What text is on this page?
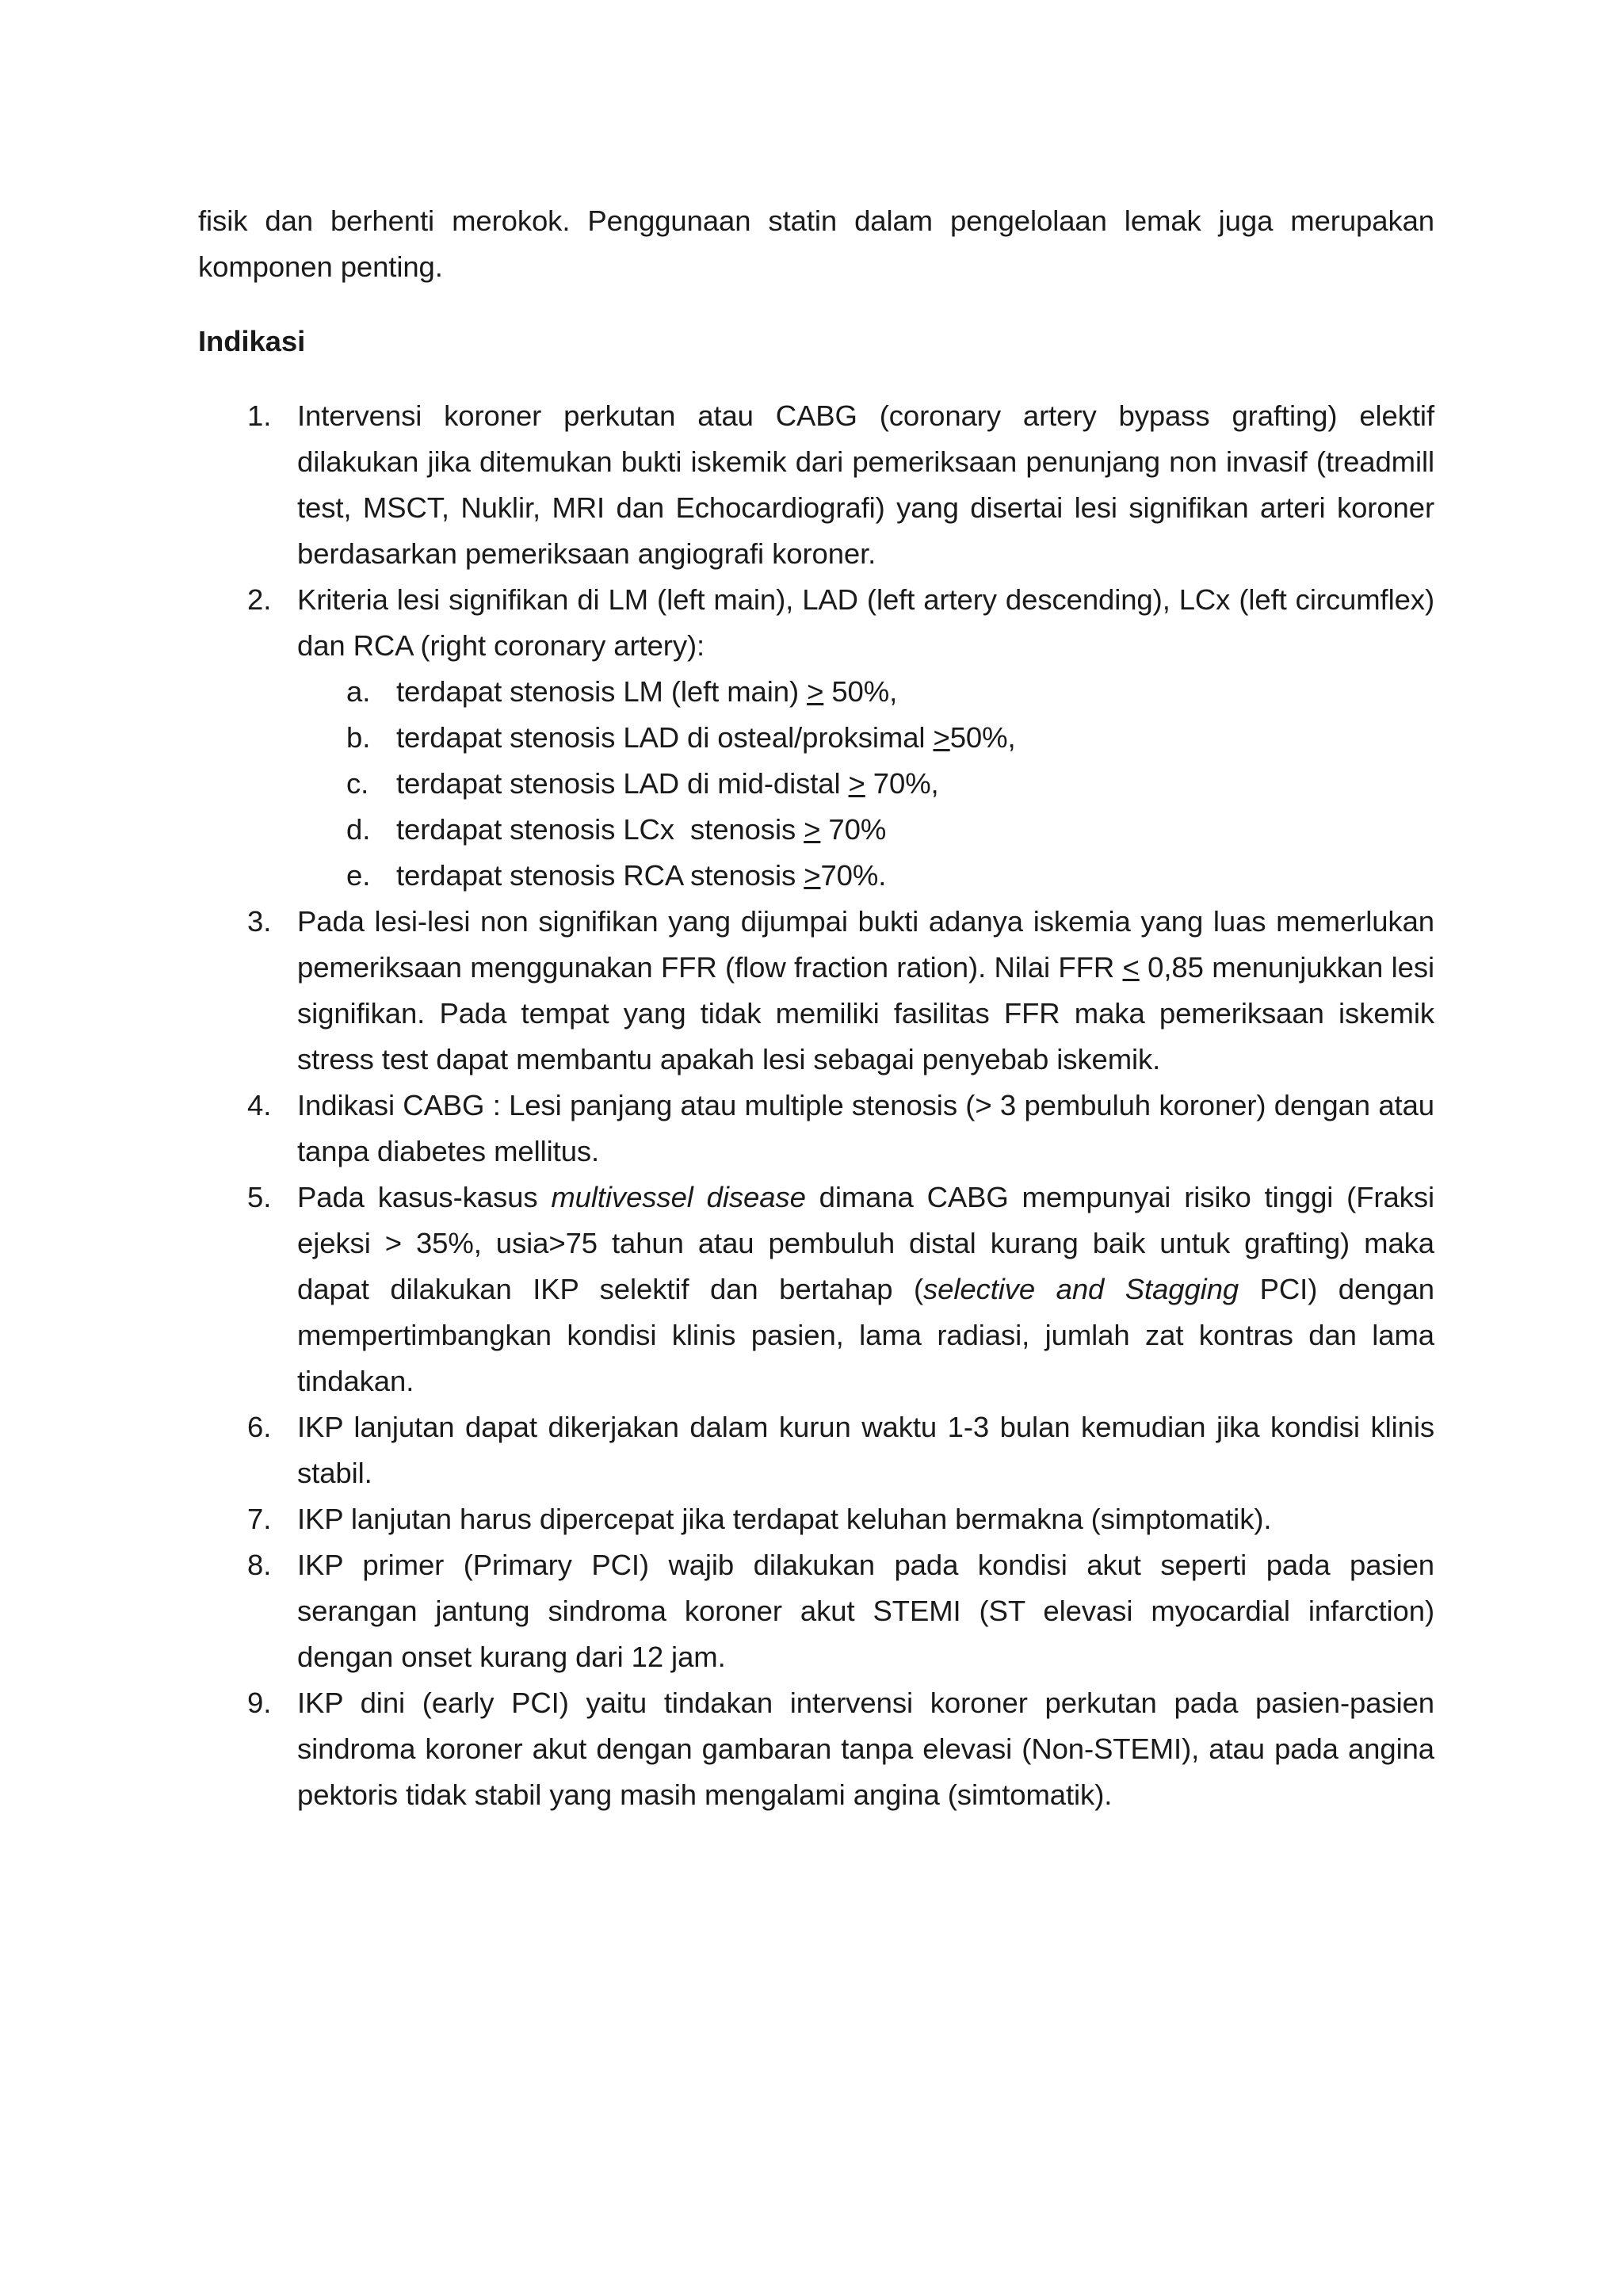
fisik dan berhenti merokok. Penggunaan statin dalam pengelolaan lemak juga merupakan komponen penting.

Indikasi

1. Intervensi koroner perkutan atau CABG (coronary artery bypass grafting) elektif dilakukan jika ditemukan bukti iskemik dari pemeriksaan penunjang non invasif (treadmill test, MSCT, Nuklir, MRI dan Echocardiografi) yang disertai lesi signifikan arteri koroner berdasarkan pemeriksaan angiografi koroner.

2. Kriteria lesi signifikan di LM (left main), LAD (left artery descending), LCx (left circumflex) dan RCA (right coronary artery):

a. terdapat stenosis LM (left main) ≥ 50%,
b. terdapat stenosis LAD di osteal/proksimal ≥50%,
c. terdapat stenosis LAD di mid-distal ≥ 70%,
d. terdapat stenosis LCx  stenosis ≥ 70%
e. terdapat stenosis RCA stenosis ≥70%.
3. Pada lesi-lesi non signifikan yang dijumpai bukti adanya iskemia yang luas memerlukan pemeriksaan menggunakan FFR (flow fraction ration). Nilai FFR ≤ 0,85 menunjukkan lesi signifikan. Pada tempat yang tidak memiliki fasilitas FFR maka pemeriksaan iskemik stress test dapat membantu apakah lesi sebagai penyebab iskemik.

4. Indikasi CABG : Lesi panjang atau multiple stenosis (> 3 pembuluh koroner) dengan atau tanpa diabetes mellitus.

5. Pada kasus-kasus multivessel disease dimana CABG mempunyai risiko tinggi (Fraksi ejeksi > 35%, usia>75 tahun atau pembuluh distal kurang baik untuk grafting) maka dapat dilakukan IKP selektif dan bertahap (selective and Stagging PCI) dengan mempertimbangkan kondisi klinis pasien, lama radiasi, jumlah zat kontras dan lama tindakan.

6. IKP lanjutan dapat dikerjakan dalam kurun waktu 1-3 bulan kemudian jika kondisi klinis stabil.

7. IKP lanjutan harus dipercepat jika terdapat keluhan bermakna (simptomatik).

8. IKP primer (Primary PCI) wajib dilakukan pada kondisi akut seperti pada pasien serangan jantung sindroma koroner akut STEMI (ST elevasi myocardial infarction) dengan onset kurang dari 12 jam.

9. IKP dini (early PCI) yaitu tindakan intervensi koroner perkutan pada pasien-pasien sindroma koroner akut dengan gambaran tanpa elevasi (Non-STEMI), atau pada angina pektoris tidak stabil yang masih mengalami angina (simtomatik).
